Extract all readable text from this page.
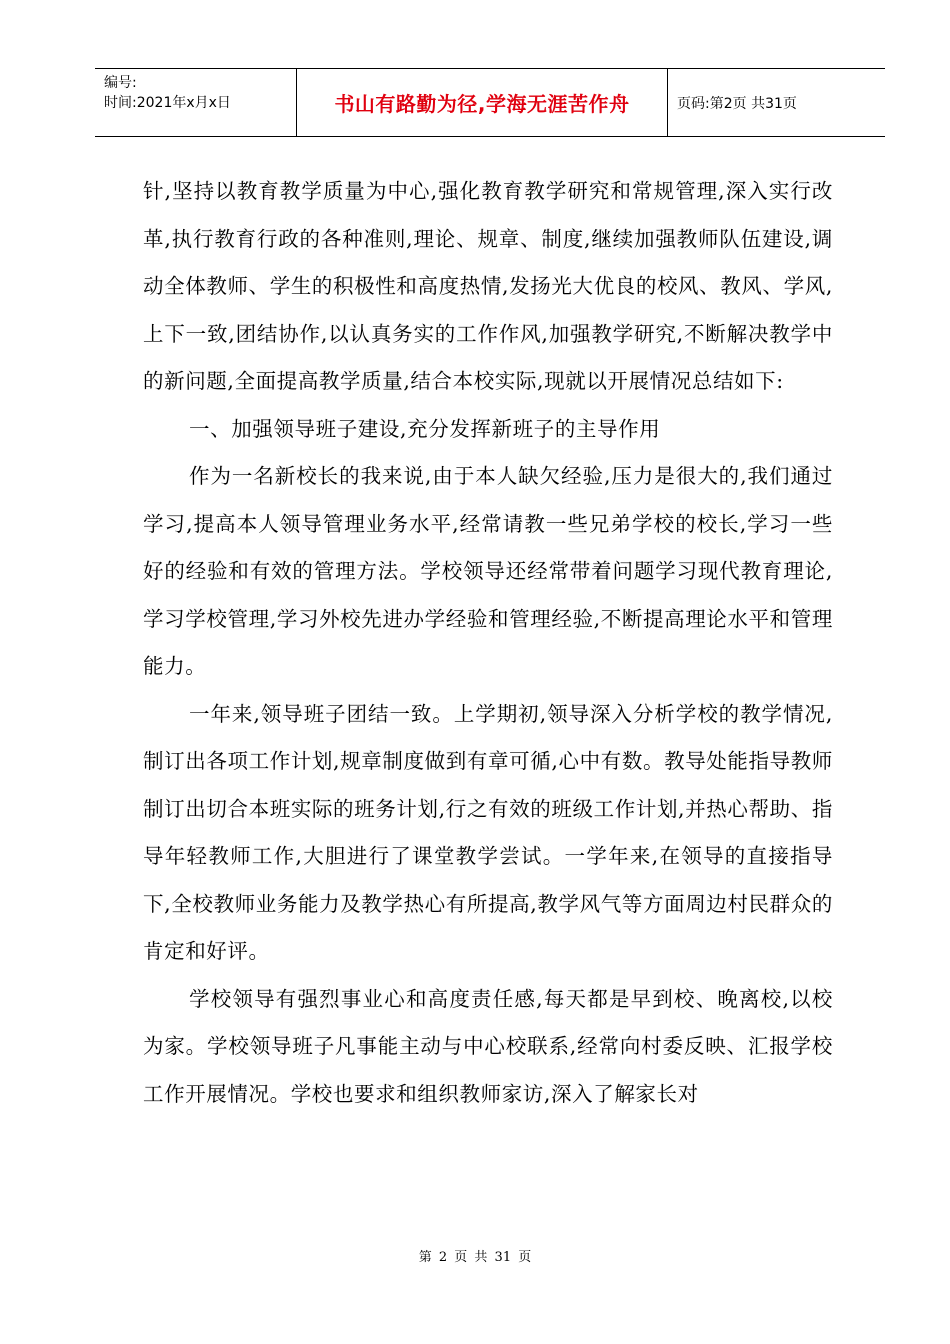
编号:
时间:2021年x月x日	书山有路勤为径,学海无涯苦作舟	页码:第2页 共31页

针,坚持以教育教学质量为中心,强化教育教学研究和常规管理,深入实行改革,执行教育行政的各种准则,理论、规章、制度,继续加强教师队伍建设,调动全体教师、学生的积极性和高度热情,发扬光大优良的校风、教风、学风,上下一致,团结协作,以认真务实的工作作风,加强教学研究,不断解决教学中的新问题,全面提高教学质量,结合本校实际,现就以开展情况总结如下:

一、加强领导班子建设,充分发挥新班子的主导作用

作为一名新校长的我来说,由于本人缺欠经验,压力是很大的,我们通过学习,提高本人领导管理业务水平,经常请教一些兄弟学校的校长,学习一些好的经验和有效的管理方法。学校领导还经常带着问题学习现代教育理论,学习学校管理,学习外校先进办学经验和管理经验,不断提高理论水平和管理能力。

一年来,领导班子团结一致。上学期初,领导深入分析学校的教学情况,制订出各项工作计划,规章制度做到有章可循,心中有数。教导处能指导教师制订出切合本班实际的班务计划,行之有效的班级工作计划,并热心帮助、指导年轻教师工作,大胆进行了课堂教学尝试。一学年来,在领导的直接指导下,全校教师业务能力及教学热心有所提高,教学风气等方面周边村民群众的肯定和好评。

学校领导有强烈事业心和高度责任感,每天都是早到校、晚离校,以校为家。学校领导班子凡事能主动与中心校联系,经常向村委反映、汇报学校工作开展情况。学校也要求和组织教师家访,深入了解家长对

第 2 页 共 31 页
